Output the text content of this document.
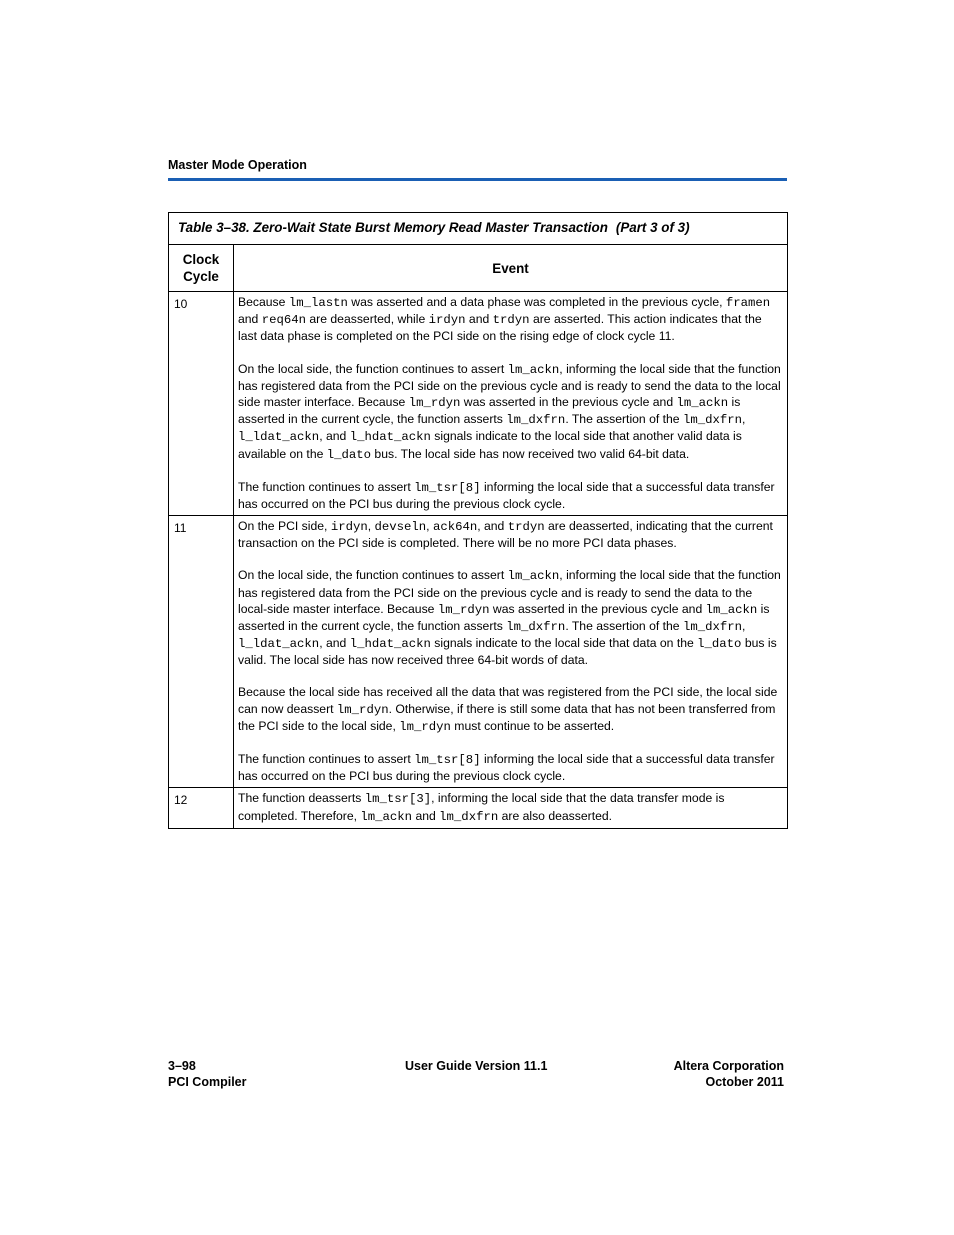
Master Mode Operation
Table 3–38. Zero-Wait State Burst Memory Read Master Transaction (Part 3 of 3)	
Clock
Cycle	Event
10	Because lm_lastn was asserted and a data phase was completed in the previous cycle, framen and req64n are deasserted, while irdyn and trdyn are asserted. This action indicates that the last data phase is completed on the PCI side on the rising edge of clock cycle 11.

On the local side, the function continues to assert lm_ackn, informing the local side that the function has registered data from the PCI side on the previous cycle and is ready to send the data to the local side master interface. Because lm_rdyn was asserted in the previous cycle and lm_ackn is asserted in the current cycle, the function asserts lm_dxfrn. The assertion of the lm_dxfrn, l_ldat_ackn, and l_hdat_ackn signals indicate to the local side that another valid data is available on the l_dato bus. The local side has now received two valid 64-bit data.

The function continues to assert lm_tsr[8] informing the local side that a successful data transfer has occurred on the PCI bus during the previous clock cycle.

11	On the PCI side, irdyn, devseln, ack64n, and trdyn are deasserted, indicating that the current transaction on the PCI side is completed. There will be no more PCI data phases.

On the local side, the function continues to assert lm_ackn, informing the local side that the function has registered data from the PCI side on the previous cycle and is ready to send the data to the local-side master interface. Because lm_rdyn was asserted in the previous cycle and lm_ackn is asserted in the current cycle, the function asserts lm_dxfrn. The assertion of the lm_dxfrn, l_ldat_ackn, and l_hdat_ackn signals indicate to the local side that data on the l_dato bus is valid. The local side has now received three 64-bit words of data.

Because the local side has received all the data that was registered from the PCI side, the local side can now deassert lm_rdyn. Otherwise, if there is still some data that has not been transferred from the PCI side to the local side, lm_rdyn must continue to be asserted.

The function continues to assert lm_tsr[8] informing the local side that a successful data transfer has occurred on the PCI bus during the previous clock cycle.

12	The function deasserts lm_tsr[3], informing the local side that the data transfer mode is completed. Therefore, lm_ackn and lm_dxfrn are also deasserted.

3–98
PCI Compiler
User Guide Version 11.1	Altera Corporation
October 2011
